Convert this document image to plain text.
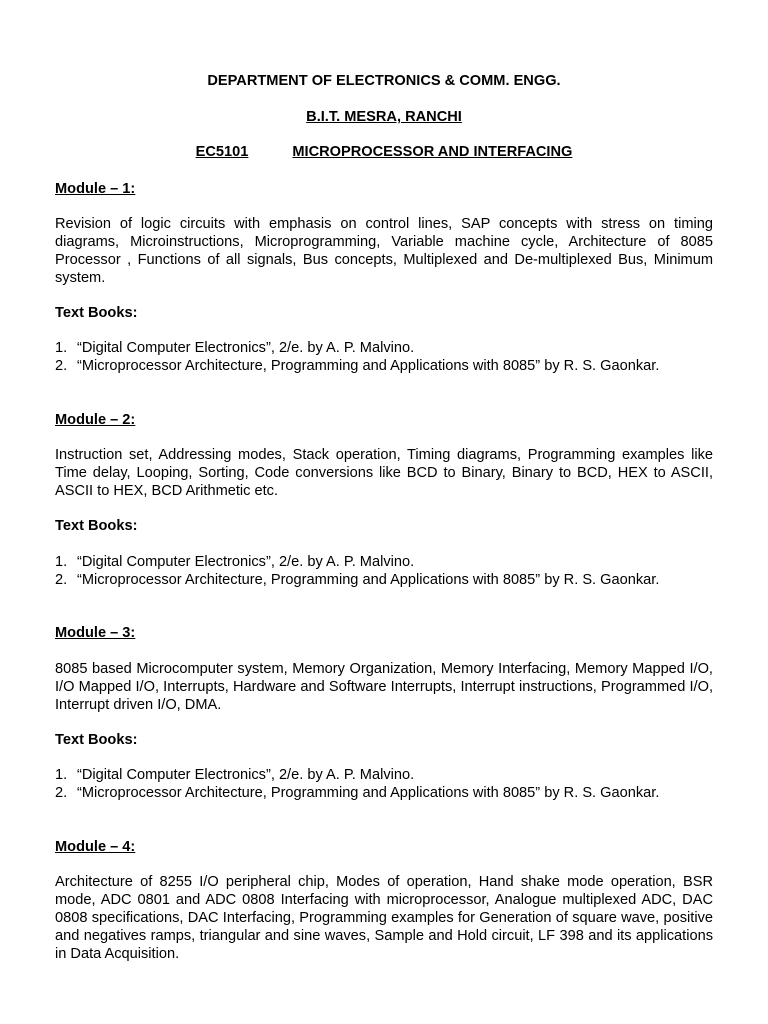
DEPARTMENT OF ELECTRONICS & COMM. ENGG.
B.I.T. MESRA, RANCHI
EC5101	MICROPROCESSOR AND INTERFACING
Module – 1:
Revision of logic circuits with emphasis on control lines, SAP concepts with stress on timing diagrams, Microinstructions, Microprogramming, Variable machine cycle, Architecture of 8085 Processor , Functions of all signals, Bus concepts, Multiplexed and De-multiplexed Bus, Minimum system.
Text Books:
1. “Digital Computer Electronics”, 2/e. by A. P. Malvino.
2. “Microprocessor Architecture, Programming and Applications with 8085” by R. S. Gaonkar.
Module – 2:
Instruction set, Addressing modes, Stack operation, Timing diagrams, Programming examples like Time delay, Looping, Sorting, Code conversions like BCD to Binary, Binary to BCD, HEX to ASCII, ASCII to HEX, BCD Arithmetic etc.
Text Books:
1. “Digital Computer Electronics”, 2/e. by A. P. Malvino.
2. “Microprocessor Architecture, Programming and Applications with 8085” by R. S. Gaonkar.
Module – 3:
8085 based Microcomputer system, Memory Organization, Memory Interfacing, Memory Mapped I/O, I/O Mapped I/O, Interrupts, Hardware and Software Interrupts, Interrupt instructions, Programmed I/O, Interrupt driven I/O, DMA.
Text Books:
1. “Digital Computer Electronics”, 2/e. by A. P. Malvino.
2. “Microprocessor Architecture, Programming and Applications with 8085” by R. S. Gaonkar.
Module – 4:
Architecture of 8255 I/O peripheral chip, Modes of operation, Hand shake mode operation, BSR mode, ADC 0801 and ADC 0808 Interfacing with microprocessor, Analogue multiplexed ADC, DAC 0808 specifications, DAC Interfacing, Programming examples for Generation of square wave, positive and negatives ramps, triangular and sine waves, Sample and Hold circuit, LF 398 and its applications in Data Acquisition.
